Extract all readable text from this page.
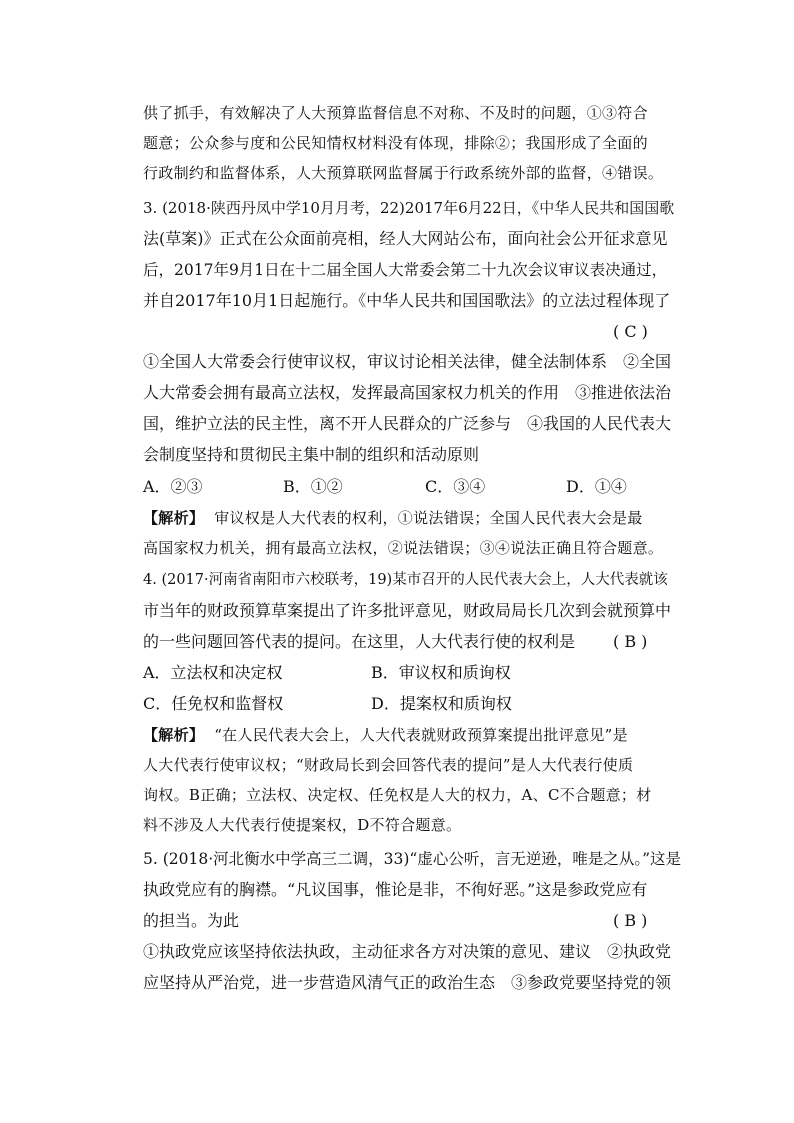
供了抓手，有效解决了人大预算监督信息不对称、不及时的问题，①③符合
题意；公众参与度和公民知情权材料没有体现，排除②；我国形成了全面的
行政制约和监督体系，人大预算联网监督属于行政系统外部的监督，④错误。
3. (2018·陕西丹凤中学10月月考，22)2017年6月22日，《中华人民共和国国歌
法(草案)》正式在公众面前亮相，经人大网站公布，面向社会公开征求意见
后，2017年9月1日在十二届全国人大常委会第二十九次会议审议表决通过，
并自2017年10月1日起施行。《中华人民共和国国歌法》的立法过程体现了
( C )
①全国人大常委会行使审议权，审议讨论相关法律，健全法制体系　②全国
人大常委会拥有最高立法权，发挥最高国家权力机关的作用　③推进依法治
国，维护立法的民主性，离不开人民群众的广泛参与　④我国的人民代表大
会制度坚持和贯彻民主集中制的组织和活动原则
A．②③	B．①②	C．③④	D．①④
【解析】 审议权是人大代表的权利，①说法错误；全国人民代表大会是最
高国家权力机关，拥有最高立法权，②说法错误；③④说法正确且符合题意。
4. (2017·河南省南阳市六校联考，19)某市召开的人民代表大会上，人大代表就该
市当年的财政预算草案提出了许多批评意见，财政局局长几次到会就预算中
的一些问题回答代表的提问。在这里，人大代表行使的权利是 ( B )
A．立法权和决定权	B．审议权和质询权
C．任免权和监督权	D．提案权和质询权
【解析】 “在人民代表大会上，人大代表就财政预算案提出批评意见”是
人大代表行使审议权；“财政局长到会回答代表的提问”是人大代表行使质
询权。B正确；立法权、决定权、任免权是人大的权力，A、C不合题意；材
料不涉及人大代表行使提案权，D不符合题意。
5. (2018·河北衡水中学高三二调，33)“虚心公听，言无逆逊，唯是之从。”这是
执政党应有的胸襟。“凡议国事，惟论是非，不徇好恶。”这是参政党应有
的担当。为此	( B )
①执政党应该坚持依法执政，主动征求各方对决策的意见、建议　②执政党
应坚持从严治党，进一步营造风清气正的政治生态　③参政党要坚持党的领
